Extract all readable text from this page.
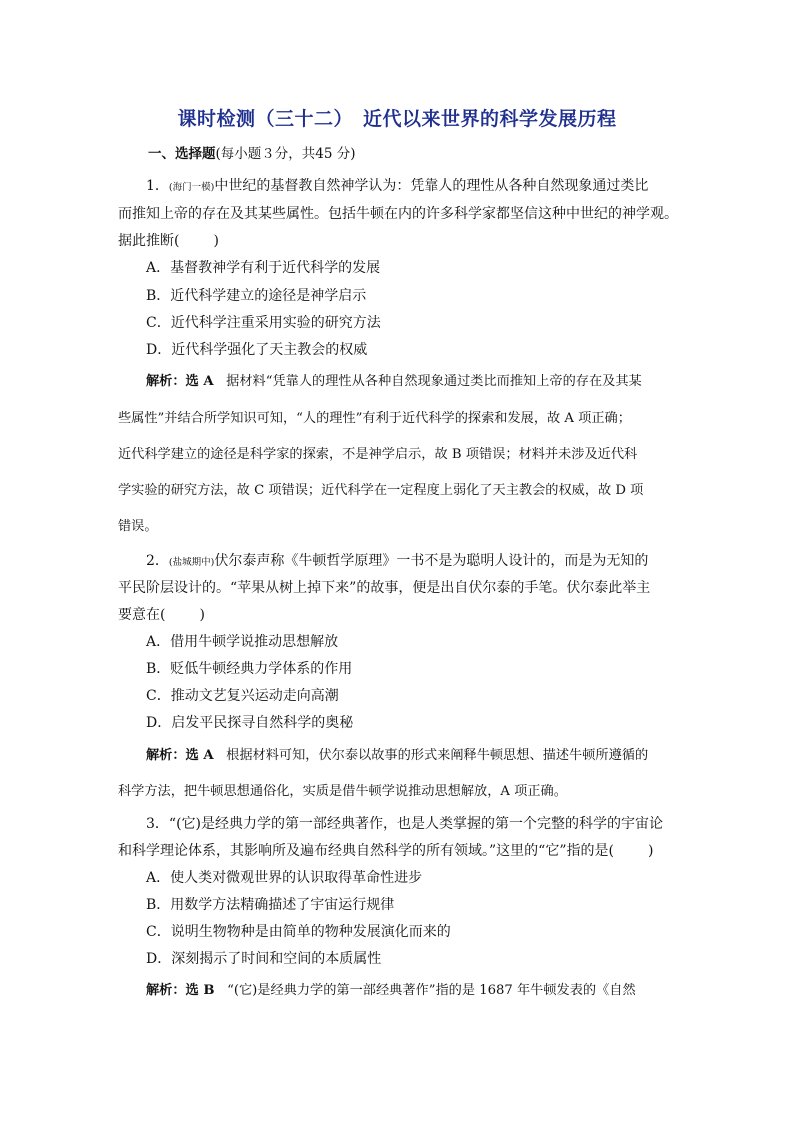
课时检测（三十二）　近代以来世界的科学发展历程
一、选择题(每小题３分，共45 分)
1．(海门一模)中世纪的基督教自然神学认为：凭靠人的理性从各种自然现象通过类比
而推知上帝的存在及其某些属性。包括牛顿在内的许多科学家都坚信这种中世纪的神学观。
据此推断( )
A．基督教神学有利于近代科学的发展
B．近代科学建立的途径是神学启示
C．近代科学注重采用实验的研究方法
D．近代科学强化了天主教会的权威
解析：选 A 据材料“凭靠人的理性从各种自然现象通过类比而推知上帝的存在及其某
些属性”并结合所学知识可知，“人的理性”有利于近代科学的探索和发展，故 A 项正确；
近代科学建立的途径是科学家的探索，不是神学启示，故 B 项错误；材料并未涉及近代科
学实验的研究方法，故 C 项错误；近代科学在一定程度上弱化了天主教会的权威，故 D 项
错误。
2．(盐城期中)伏尔泰声称《牛顿哲学原理》一书不是为聪明人设计的，而是为无知的
平民阶层设计的。“苹果从树上掉下来”的故事，便是出自伏尔泰的手笔。伏尔泰此举主
要意在( )
A．借用牛顿学说推动思想解放
B．贬低牛顿经典力学体系的作用
C．推动文艺复兴运动走向高潮
D．启发平民探寻自然科学的奥秘
解析：选 A 根据材料可知，伏尔泰以故事的形式来阐释牛顿思想、描述牛顿所遵循的
科学方法，把牛顿思想通俗化，实质是借牛顿学说推动思想解放，A 项正确。
3．“(它)是经典力学的第一部经典著作，也是人类掌握的第一个完整的科学的宇宙论
和科学理论体系，其影响所及遍布经典自然科学的所有领域。”这里的“它”指的是( )
A．使人类对微观世界的认识取得革命性进步
B．用数学方法精确描述了宇宙运行规律
C．说明生物物种是由简单的物种发展演化而来的
D．深刻揭示了时间和空间的本质属性
解析：选 B “(它)是经典力学的第一部经典著作”指的是 1687 年牛顿发表的《自然
